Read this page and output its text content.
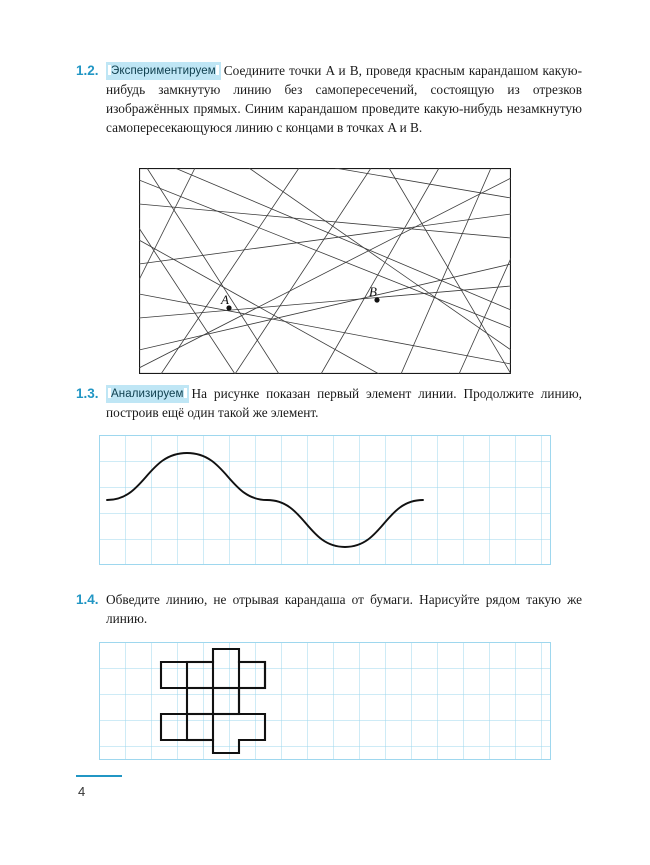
1.2.	Экспериментируем Соедините точки A и B, проведя красным карандашом какую-нибудь замкнутую линию без самопересечений, состоящую из отрезков изображённых прямых. Синим карандашом проведите какую-нибудь незамкнутую самопересекающуюся линию с концами в точках A и B.
A
B
1.3.	Анализируем На рисунке показан первый элемент линии. Продолжите линию, построив ещё один такой же элемент.
1.4. Обведите линию, не отрывая карандаша от бумаги. Нарисуйте рядом такую же линию.
4
